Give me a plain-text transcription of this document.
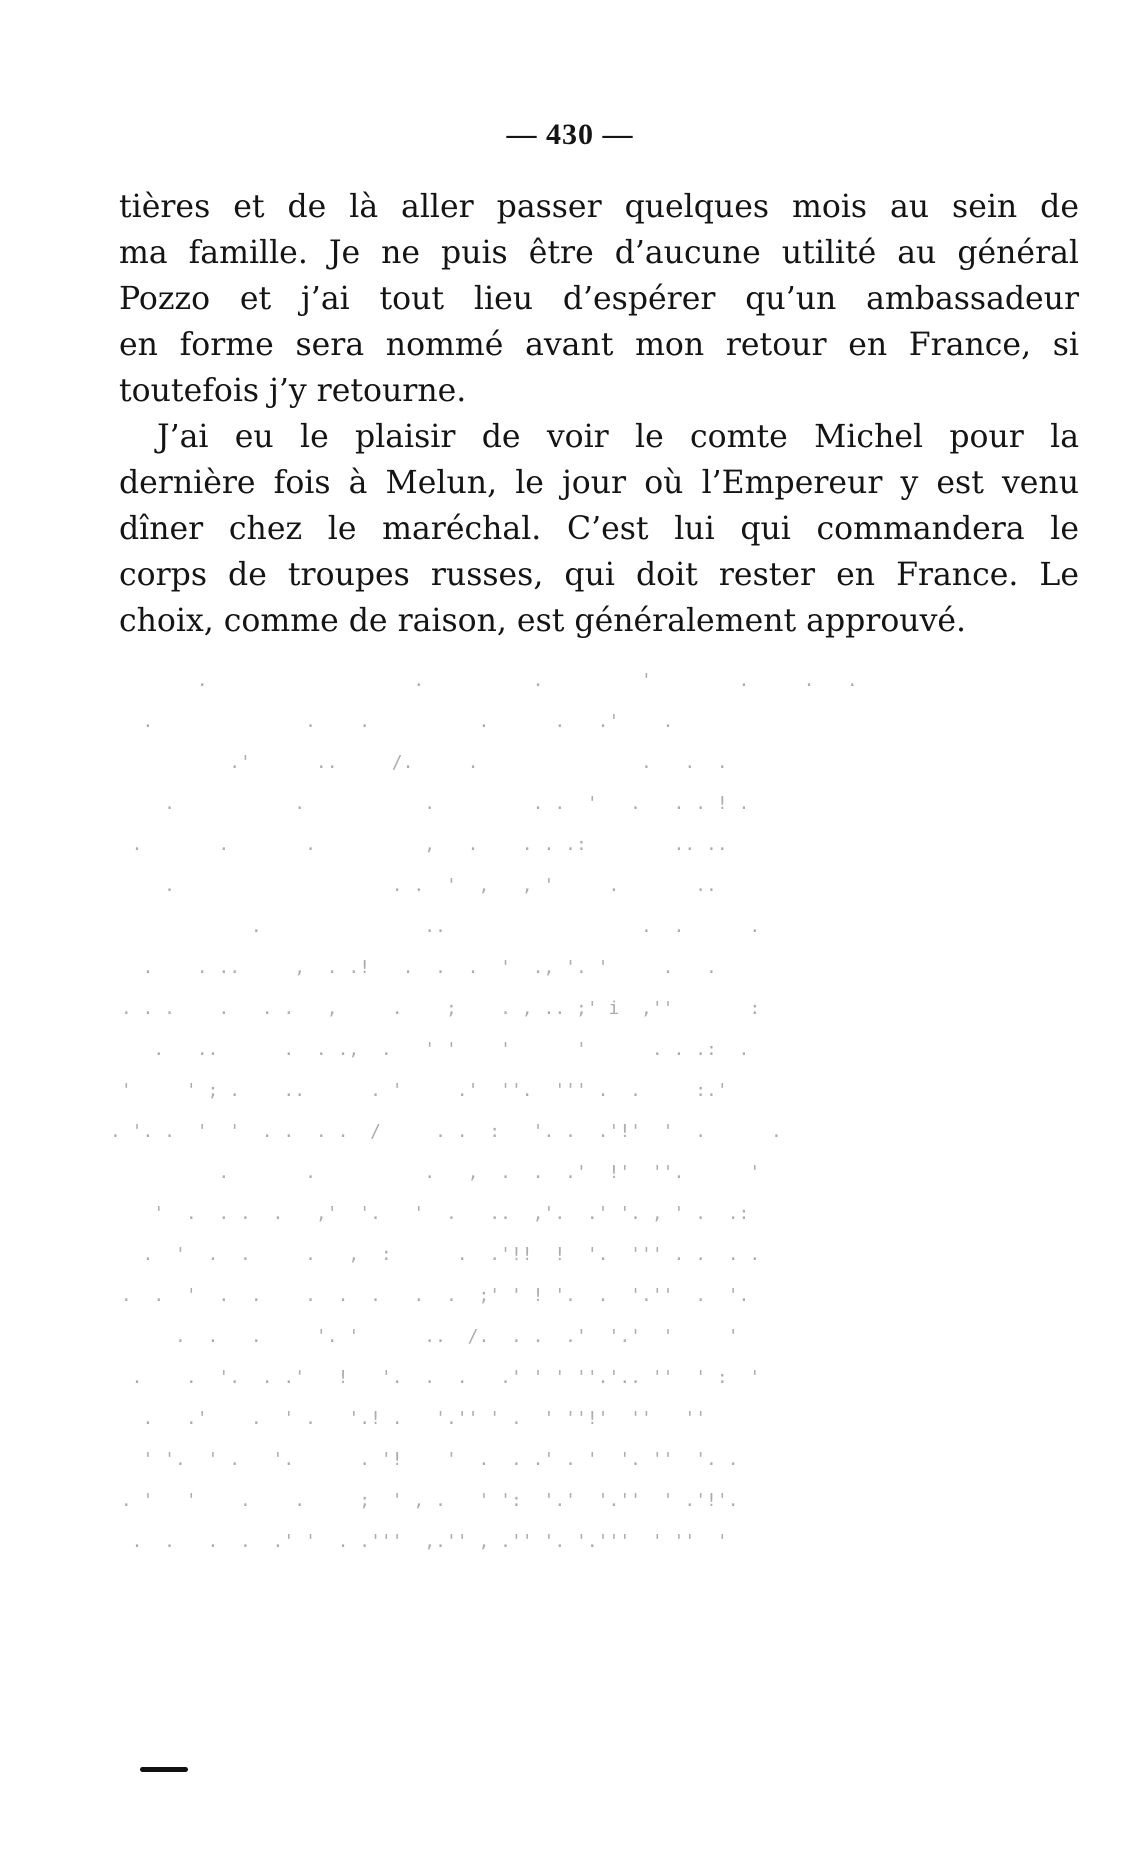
— 430 —
tières et de là aller passer quelques mois au sein de
ma famille. Je ne puis être d’aucune utilité au général
Pozzo et j’ai tout lieu d’espérer qu’un ambassadeur
en forme sera nommé avant mon retour en France, si
toutefois j’y retourne.
J’ai eu le plaisir de voir le comte Michel pour la
dernière fois à Melun, le jour où l’Empereur y est venu
dîner chez le maréchal. C’est lui qui commandera le
corps de troupes russes, qui doit rester en France. Le
choix, comme de raison, est généralement approuvé.
.                   .          .         '        .     .   .
.              .    .          .      .   .'    .
.'      ..     /.     .               .   .  .
.           .           .         . .  '   .   . . ! .
.       .       .          ,   .    . . .:        .. ..
.                    . .  '  ,   , '     .       ..
.               ..                  .  .      .
.    . ..     ,  . .!   .  .  .  '  ., '. '     .   .
. . .    .   . .   ,     .    ;    . , .. ;' i  ,''       :
.   ..      .  . .,  .   ' '    '      '      . . .:  .
'     ' ; .    ..      . '     .'  ''.  ''' .  .     :.'
. '. .  '  '  . .  . .  /     . .  :   '. .  .'!'  '  .      .
.       .          .   ,  .  .  .'  !'  ''.      '
'  .  . .  .   ,'  '.   '  .   ..  ,'.  .' '. , ' .  .:
.  '  .  .     .   ,  :      .  .'!!  !  '.  ''' . .  . .
.  .  '  .  .    .  .  .   .  .  ;' ' ! '.  .  '.''  .  '.
.  .   .     '. '      ..  /.  . .  .'  '.'  '     '
.    .  '.  . .'   !   '.  .  .   .' ' ' ''.'.. ''  ' :  '
.   .'    .  ' .   '.! .   '.'' ' .  ' ''!'  ''   ''
' '.  ' .   '.      . '!    '  .  . .' . '  '. ''  '. .
. '   '    .    .     ;  ' , .   ' ':  '.'  '.''  ' .'!'.
.  .   .  .  .' '  . .'''  ,.'' , .'' '. '.'''  ' ''  '
